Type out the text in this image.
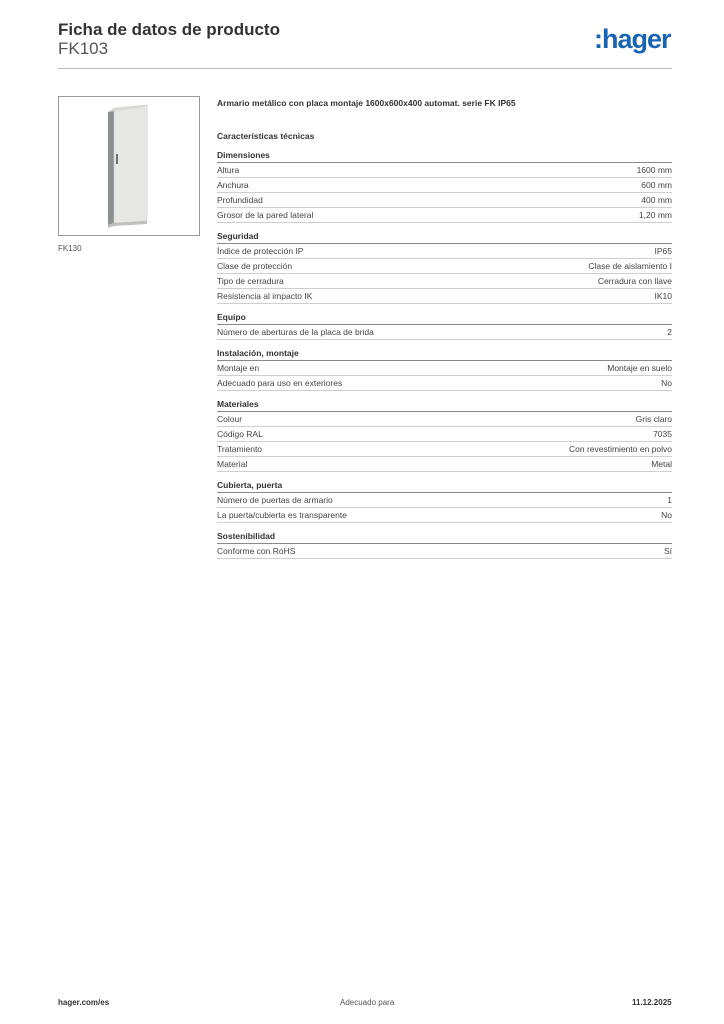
Ficha de datos de producto
FK103	:hager
FK130
Armario metálico con placa montaje 1600x600x400 automat. serie FK IP65
Características técnicas
Dimensiones
Altura	1600 mm
Anchura	600 mm
Profundidad	400 mm
Grosor de la pared lateral	1,20 mm
Seguridad
Índice de protección IP	IP65
Clase de protección	Clase de aislamiento I
Tipo de cerradura	Cerradura con llave
Resistencia al impacto IK	IK10
Equipo
Número de aberturas de la placa de brida	2
Instalación, montaje
Montaje en	Montaje en suelo
Adecuado para uso en exteriores	No
Materiales
Colour	Gris claro
Código RAL	7035
Tratamiento	Con revestimiento en polvo
Material	Metal
Cubierta, puerta
Número de puertas de armario	1
La puerta/cubierta es transparente	No
Sostenibilidad
Conforme con RoHS	Sí
hager.com/es	Adecuado para	11.12.2025
